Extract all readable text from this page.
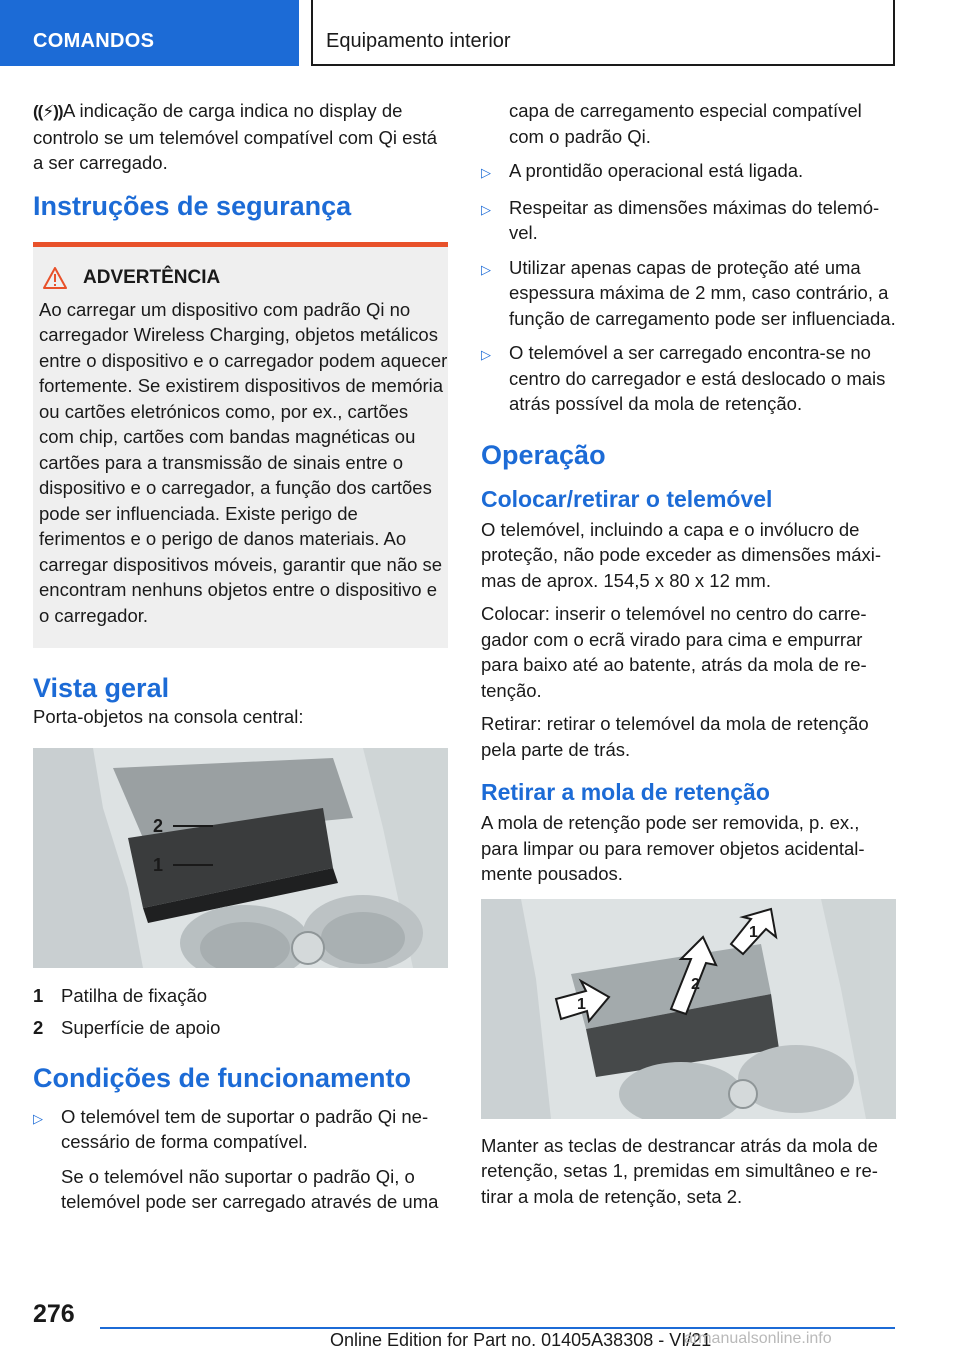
COMANDOS	Equipamento interior

((⚡))A indicação de carga indica no display de controlo se um telemóvel compatível com Qi está a ser carregado.

Instruções de segurança
ADVERTÊNCIA
Ao carregar um dispositivo com padrão Qi no carregador Wireless Charging, objetos metálicos entre o dispositivo e o carregador podem aquecer fortemente. Se existirem dispositivos de memória ou cartões eletrónicos como, por ex., cartões com chip, cartões com bandas magnéticas ou cartões para a transmissão de sinais entre o dispositivo e o carregador, a função dos cartões pode ser influenciada. Existe perigo de ferimentos e o perigo de danos materiais. Ao carregar dispositivos móveis, garantir que não se encontram nenhuns objetos entre o dispositivo e o carregador.
Vista geral

Porta-objetos na consola central:

2
1
1 Patilha de fixação
2 Superfície de apoio
Condições de funcionamento
▷ O telemóvel tem de suportar o padrão Qi necessário de forma compatível.
Se o telemóvel não suportar o padrão Qi, o telemóvel pode ser carregado através de uma
capa de carregamento especial compatível com o padrão Qi.
▷ A prontidão operacional está ligada.
▷ Respeitar as dimensões máximas do telemóvel.
▷ Utilizar apenas capas de proteção até uma espessura máxima de 2 mm, caso contrário, a função de carregamento pode ser influenciada.
▷ O telemóvel a ser carregado encontra-se no centro do carregador e está deslocado o mais atrás possível da mola de retenção.
Operação
Colocar/retirar o telemóvel

O telemóvel, incluindo a capa e o invólucro de proteção, não pode exceder as dimensões máximas de aprox. 154,5 x 80 x 12 mm.

Colocar: inserir o telemóvel no centro do carregador com o ecrã virado para cima e empurrar para baixo até ao batente, atrás da mola de retenção.

Retirar: retirar o telemóvel da mola de retenção pela parte de trás.

Retirar a mola de retenção

A mola de retenção pode ser removida, p. ex., para limpar ou para remover objetos acidentalmente pousados.

1
2
1

Manter as teclas de destrancar atrás da mola de retenção, setas 1, premidas em simultâneo e retirar a mola de retenção, seta 2.

276
Online Edition for Part no. 01405A38308 - VI/21
armanualsonline.info
